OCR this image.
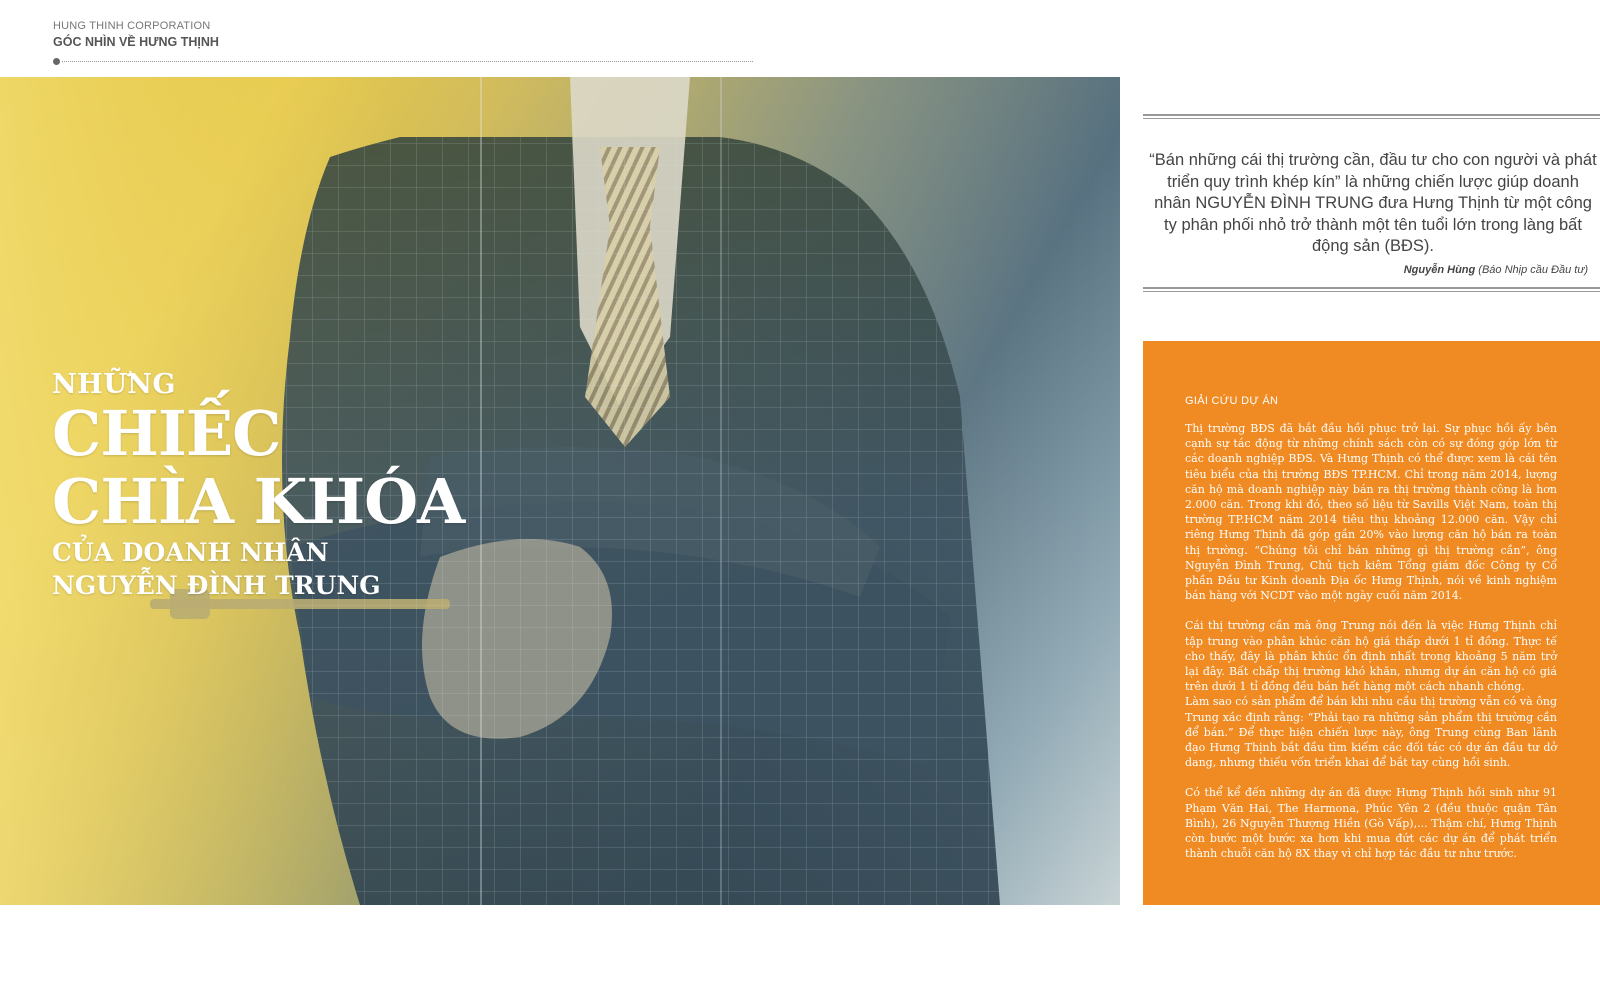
HUNG THINH CORPORATION
GÓC NHÌN VỀ HƯNG THỊNH
NHỮNG
CHIẾC
CHÌA KHÓA
CỦA DOANH NHÂN
NGUYỄN ĐÌNH TRUNG
“Bán những cái thị trường cần, đầu tư cho con người và phát triển quy trình khép kín” là những chiến lược giúp doanh nhân NGUYỄN ĐÌNH TRUNG đưa Hưng Thịnh từ một công ty phân phối nhỏ trở thành một tên tuổi lớn trong làng bất động sản (BĐS).
Nguyễn Hùng (Báo Nhịp cầu Đầu tư)
GIẢI CỨU DỰ ÁN

Thị trường BĐS đã bắt đầu hồi phục trở lại. Sự phục hồi ấy bên cạnh sự tác động từ những chính sách còn có sự đóng góp lớn từ các doanh nghiệp BĐS. Và Hưng Thịnh có thể được xem là cái tên tiêu biểu của thị trường BĐS TP.HCM. Chỉ trong năm 2014, lượng căn hộ mà doanh nghiệp này bán ra thị trường thành công là hơn 2.000 căn. Trong khi đó, theo số liệu từ Savills Việt Nam, toàn thị trường TP.HCM năm 2014 tiêu thụ khoảng 12.000 căn. Vậy chỉ riêng Hưng Thịnh đã góp gần 20% vào lượng căn hộ bán ra toàn thị trường. “Chúng tôi chỉ bán những gì thị trường cần”, ông Nguyễn Đình Trung, Chủ tịch kiêm Tổng giám đốc Công ty Cổ phần Đầu tư Kinh doanh Địa ốc Hưng Thịnh, nói về kinh nghiệm bán hàng với NCDT vào một ngày cuối năm 2014.

Cái thị trường cần mà ông Trung nói đến là việc Hưng Thịnh chỉ tập trung vào phân khúc căn hộ giá thấp dưới 1 tỉ đồng. Thực tế cho thấy, đây là phân khúc ổn định nhất trong khoảng 5 năm trở lại đây. Bất chấp thị trường khó khăn, nhưng dự án căn hộ có giá trên dưới 1 tỉ đồng đều bán hết hàng một cách nhanh chóng.

Làm sao có sản phẩm để bán khi nhu cầu thị trường vẫn có và ông Trung xác định rằng: “Phải tạo ra những sản phẩm thị trường cần để bán.” Để thực hiện chiến lược này, ông Trung cùng Ban lãnh đạo Hưng Thịnh bắt đầu tìm kiếm các đối tác có dự án đầu tư dở dang, nhưng thiếu vốn triển khai để bắt tay cùng hồi sinh.

Có thể kể đến những dự án đã được Hưng Thịnh hồi sinh như 91 Phạm Văn Hai, The Harmona, Phúc Yên 2 (đều thuộc quận Tân Bình), 26 Nguyễn Thượng Hiền (Gò Vấp),... Thậm chí, Hưng Thịnh còn bước một bước xa hơn khi mua đứt các dự án để phát triển thành chuỗi căn hộ 8X thay vì chỉ hợp tác đầu tư như trước.
